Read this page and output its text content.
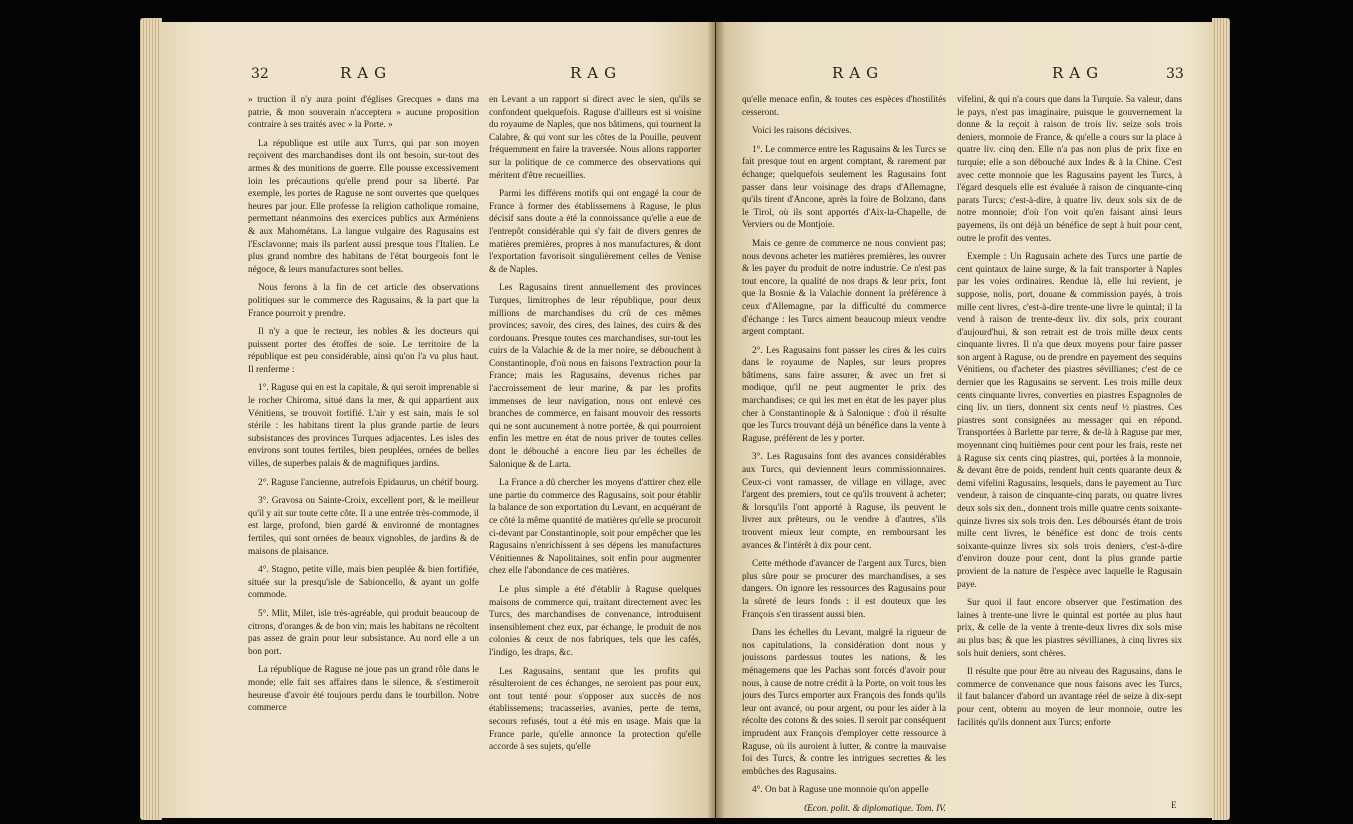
32	RAG	RAG

» truction il n'y aura point d'églises Grecques » dans ma patrie, & mon souverain n'acceptera » aucune proposition contraire à ses traités avec » la Porte. »

La république est utile aux Turcs, qui par son moyen reçoivent des marchandises dont ils ont besoin, sur-tout des armes & des munitions de guerre. Elle pousse excessivement loin les précautions qu'elle prend pour sa liberté. Par exemple, les portes de Raguse ne sont ouvertes que quelques heures par jour. Elle professe la religion catholique romaine, permettant néanmoins des exercices publics aux Arméniens & aux Mahométans. La langue vulgaire des Ragusains est l'Esclavonne; mais ils parlent aussi presque tous l'Italien. Le plus grand nombre des habitans de l'état bourgeois font le négoce, & leurs manufactures sont belles.

Nous ferons à la fin de cet article des observations politiques sur le commerce des Ragusains, & la part que la France pourroit y prendre.

Il n'y a que le recteur, les nobles & les docteurs qui puissent porter des étoffes de soie. Le territoire de la république est peu considérable, ainsi qu'on l'a vu plus haut. Il renferme :

1°. Raguse qui en est la capitale, & qui seroit imprenable si le rocher Chiroma, situé dans la mer, & qui appartient aux Vénitiens, se trouvoit fortifié. L'air y est sain, mais le sol stérile : les habitans tirent la plus grande partie de leurs subsistances des provinces Turques adjacentes. Les isles des environs sont toutes fertiles, bien peuplées, ornées de belles villes, de superbes palais & de magnifiques jardins.

2°. Raguse l'ancienne, autrefois Epidaurus, un chétif bourg.

3°. Gravosa ou Sainte-Croix, excellent port, & le meilleur qu'il y ait sur toute cette côte. Il a une entrée très-commode, il est large, profond, bien gardé & environné de montagnes fertiles, qui sont ornées de beaux vignobles, de jardins & de maisons de plaisance.

4°. Stagno, petite ville, mais bien peuplée & bien fortifiée, située sur la presqu'isle de Sabioncello, & ayant un golfe commode.

5°. Mlit, Milet, isle très-agréable, qui produit beaucoup de citrons, d'oranges & de bon vin; mais les habitans ne récoltent pas assez de grain pour leur subsistance. Au nord elle a un bon port.

La république de Raguse ne joue pas un grand rôle dans le monde; elle fait ses affaires dans le silence, & s'estimeroit heureuse d'avoir été toujours perdu dans le tourbillon. Notre commerce

en Levant a un rapport si direct avec le sien, qu'ils se confondent quelquefois. Raguse d'ailleurs est si voisine du royaume de Naples, que nos bâtimens, qui tournent la Calabre, & qui vont sur les côtes de la Pouille, peuvent fréquemment en faire la traversée. Nous allons rapporter sur la politique de ce commerce des observations qui méritent d'être recueillies.

Parmi les différens motifs qui ont engagé la cour de France à former des établissemens à Raguse, le plus décisif sans doute a été la connoissance qu'elle a eue de l'entrepôt considérable qui s'y fait de divers genres de matières premières, propres à nos manufactures, & dont l'exportation favorisoit singulièrement celles de Venise & de Naples.

Les Ragusains tirent annuellement des provinces Turques, limitrophes de leur république, pour deux millions de marchandises du crû de ces mêmes provinces; savoir, des cires, des laines, des cuirs & des cordouans. Presque toutes ces marchandises, sur-tout les cuirs de la Valachie & de la mer noire, se débouchent à Constantinople, d'où nous en faisons l'extraction pour la France; mais les Ragusains, devenus riches par l'accroissement de leur marine, & par les profits immenses de leur navigation, nous ont enlevé ces branches de commerce, en faisant mouvoir des ressorts qui ne sont aucunement à notre portée, & qui pourroient enfin les mettre en état de nous priver de toutes celles dont le débouché a encore lieu par les échelles de Salonique & de Larta.

La France a dû chercher les moyens d'attirer chez elle une partie du commerce des Ragusains, soit pour établir la balance de son exportation du Levant, en acquérant de ce côté la même quantité de matières qu'elle se procuroit ci-devant par Constantinople, soit pour empêcher que les Ragusains n'enrichissent à ses dépens les manufactures Vénitiennes & Napolitaines, soit enfin pour augmenter chez elle l'abondance de ces matières.

Le plus simple a été d'établir à Raguse quelques maisons de commerce qui, traitant directement avec les Turcs, des marchandises de convenance, introduisent insensiblement chez eux, par échange, le produit de nos colonies & ceux de nos fabriques, tels que les cafés, l'indigo, les draps, &c.

Les Ragusains, sentant que les profits qui résulteroient de ces échanges, ne seroient pas pour eux, ont tout tenté pour s'opposer aux succès de nos établissemens; tracasseries, avanies, perte de tems, secours refusés, tout a été mis en usage. Mais que la France parle, qu'elle annonce la protection qu'elle accorde à ses sujets, qu'elle

RAG	RAG	33

qu'elle menace enfin, & toutes ces espèces d'hostilités cesseront.

Voici les raisons décisives.

1°. Le commerce entre les Ragusains & les Turcs se fait presque tout en argent comptant, & rarement par échange; quelquefois seulement les Ragusains font passer dans leur voisinage des draps d'Allemagne, qu'ils tirent d'Ancone, après la foire de Bolzano, dans le Tirol, où ils sont apportés d'Aix-la-Chapelle, de Verviers ou de Montjoie.

Mais ce genre de commerce ne nous convient pas; nous devons acheter les matières premières, les ouvrer & les payer du produit de notre industrie. Ce n'est pas tout encore, la qualité de nos draps & leur prix, font que la Bosnie & la Valachie donnent la préférence à ceux d'Allemagne, par la difficulté du commerce d'échange : les Turcs aiment beaucoup mieux vendre argent comptant.

2°. Les Ragusains font passer les cires & les cuirs dans le royaume de Naples, sur leurs propres bâtimens, sans faire assurer, & avec un fret si modique, qu'il ne peut augmenter le prix des marchandises; ce qui les met en état de les payer plus cher à Constantinople & à Salonique : d'où il résulte que les Turcs trouvant déjà un bénéfice dans la vente à Raguse, préfèrent de les y porter.

3°. Les Ragusains font des avances considérables aux Turcs, qui deviennent leurs commissionnaires. Ceux-ci vont ramasser, de village en village, avec l'argent des premiers, tout ce qu'ils trouvent à acheter; & lorsqu'ils l'ont apporté à Raguse, ils peuvent le livrer aux prêteurs, ou le vendre à d'autres, s'ils trouvent mieux leur compte, en remboursant les avances & l'intérêt à dix pour cent.

Cette méthode d'avancer de l'argent aux Turcs, bien plus sûre pour se procurer des marchandises, a ses dangers. On ignore les ressources des Ragusains pour la sûreté de leurs fonds : il est douteux que les François s'en tirassent aussi bien.

Dans les échelles du Levant, malgré la rigueur de nos capitulations, la considération dont nous y jouissons pardessus toutes les nations, & les ménagemens que les Pachas sont forcés d'avoir pour nous, à cause de notre crédit à la Porte, on voit tous les jours des Turcs emporter aux François des fonds qu'ils leur ont avancé, ou pour argent, ou pour les aider à la récolte des cotons & des soies. Il seroit par conséquent imprudent aux François d'employer cette ressource à Raguse, où ils auroient à lutter, & contre la mauvaise foi des Turcs, & contre les intrigues secrettes & les embûches des Ragusains.

4°. On bat à Raguse une monnoie qu'on appelle

Œcon. polit. & diplomatique. Tom. IV.

vifelini, & qui n'a cours que dans la Turquie. Sa valeur, dans le pays, n'est pas imaginaire, puisque le gouvernement la donne & la reçoit à raison de trois liv. seize sols trois deniers, monnoie de France, & qu'elle a cours sur la place à quatre liv. cinq den. Elle n'a pas non plus de prix fixe en turquie; elle a son débouché aux Indes & à la Chine. C'est avec cette monnoie que les Ragusains payent les Turcs, à l'égard desquels elle est évaluée à raison de cinquante-cinq parats Turcs; c'est-à-dire, à quatre liv. deux sols six de de notre monnoie; d'où l'on voit qu'en faisant ainsi leurs payemens, ils ont déjà un bénéfice de sept à huit pour cent, outre le profit des ventes.

Exemple : Un Ragusain achete des Turcs une partie de cent quintaux de laine surge, & la fait transporter à Naples par les voies ordinaires. Rendue là, elle lui revient, je suppose, nolis, port, douane & commission payés, à trois mille cent livres, c'est-à-dire trente-une livre le quintal; il la vend à raison de trente-deux liv. dix sols, prix courant d'aujourd'hui, & son retrait est de trois mille deux cents cinquante livres. Il n'a que deux moyens pour faire passer son argent à Raguse, ou de prendre en payement des sequins Vénitiens, ou d'acheter des piastres sévillianes; c'est de ce dernier que les Ragusains se servent. Les trois mille deux cents cinquante livres, converties en piastres Espagnoles de cinq liv. un tiers, donnent six cents neuf ½ piastres. Ces piastres sont consignées au messager qui en répond. Transportées à Barlette par terre, & de-là à Raguse par mer, moyennant cinq huitièmes pour cent pour les frais, reste net à Raguse six cents cinq piastres, qui, portées à la monnoie, & devant être de poids, rendent huit cents quarante deux & demi vifelini Ragusains, lesquels, dans le payement au Turc vendeur, à raison de cinquante-cinq parats, ou quatre livres deux sols six den., donnent trois mille quatre cents soixante-quinze livres six sols trois den. Les déboursés étant de trois mille cent livres, le bénéfice est donc de trois cents soixante-quinze livres six sols trois deniers, c'est-à-dire d'environ douze pour cent, dont la plus grande partie provient de la nature de l'espèce avec laquelle le Ragusain paye.

Sur quoi il faut encore observer que l'estimation des laines à trente-une livre le quintal est portée au plus haut prix, & celle de la vente à trente-deux livres dix sols mise au plus bas; & que les piastres sévillianes, à cinq livres six sols huit deniers, sont chères.

Il résulte que pour être au niveau des Ragusains, dans le commerce de convenance que nous faisons avec les Turcs, il faut balancer d'abord un avantage réel de seize à dix-sept pour cent, obtenu au moyen de leur monnoie, outre les facilités qu'ils donnent aux Turcs; enforte

E
